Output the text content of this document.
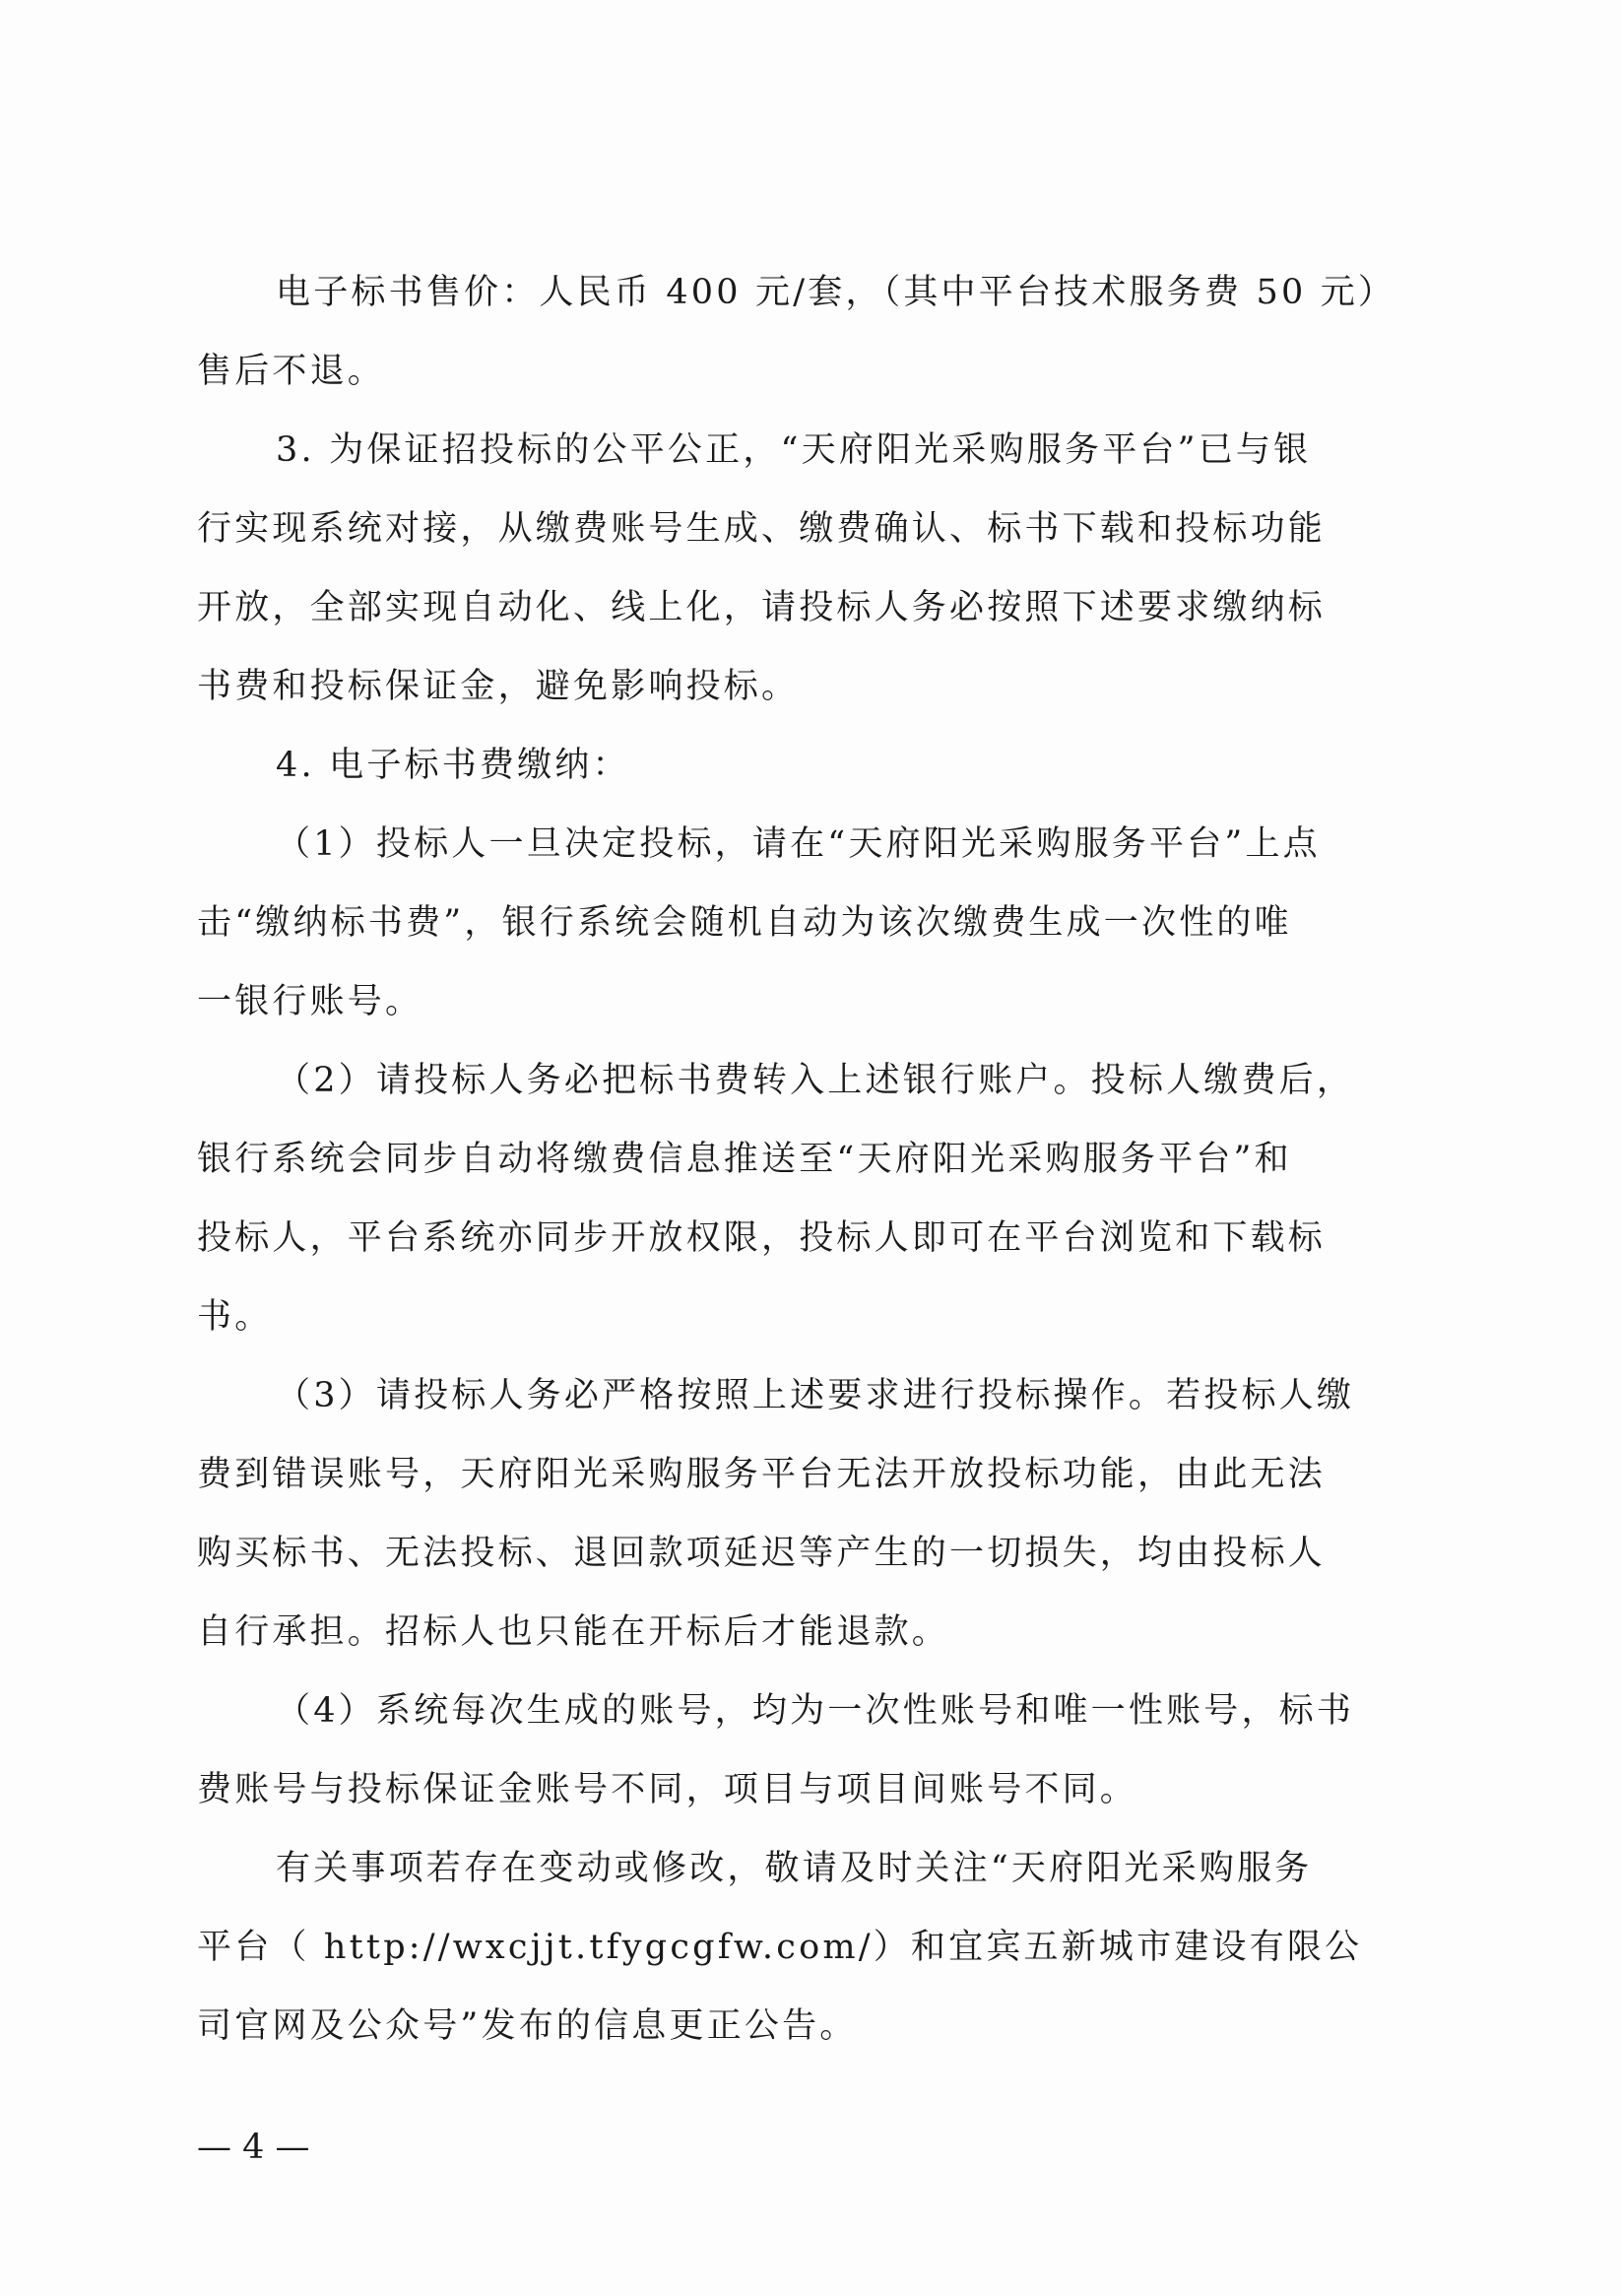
电子标书售价：人民币 400 元/套，（其中平台技术服务费 50 元）
售后不退。
3. 为保证招投标的公平公正，“天府阳光采购服务平台”已与银
行实现系统对接，从缴费账号生成、缴费确认、标书下载和投标功能
开放，全部实现自动化、线上化，请投标人务必按照下述要求缴纳标
书费和投标保证金，避免影响投标。
4. 电子标书费缴纳：
（1）投标人一旦决定投标，请在“天府阳光采购服务平台”上点
击“缴纳标书费”，银行系统会随机自动为该次缴费生成一次性的唯
一银行账号。
（2）请投标人务必把标书费转入上述银行账户。投标人缴费后，
银行系统会同步自动将缴费信息推送至“天府阳光采购服务平台”和
投标人，平台系统亦同步开放权限，投标人即可在平台浏览和下载标
书。
（3）请投标人务必严格按照上述要求进行投标操作。若投标人缴
费到错误账号，天府阳光采购服务平台无法开放投标功能，由此无法
购买标书、无法投标、退回款项延迟等产生的一切损失，均由投标人
自行承担。招标人也只能在开标后才能退款。
（4）系统每次生成的账号，均为一次性账号和唯一性账号，标书
费账号与投标保证金账号不同，项目与项目间账号不同。
有关事项若存在变动或修改，敬请及时关注“天府阳光采购服务
平台（ http://wxcjjt.tfygcgfw.com/）和宜宾五新城市建设有限公
司官网及公众号”发布的信息更正公告。
— 4 —
